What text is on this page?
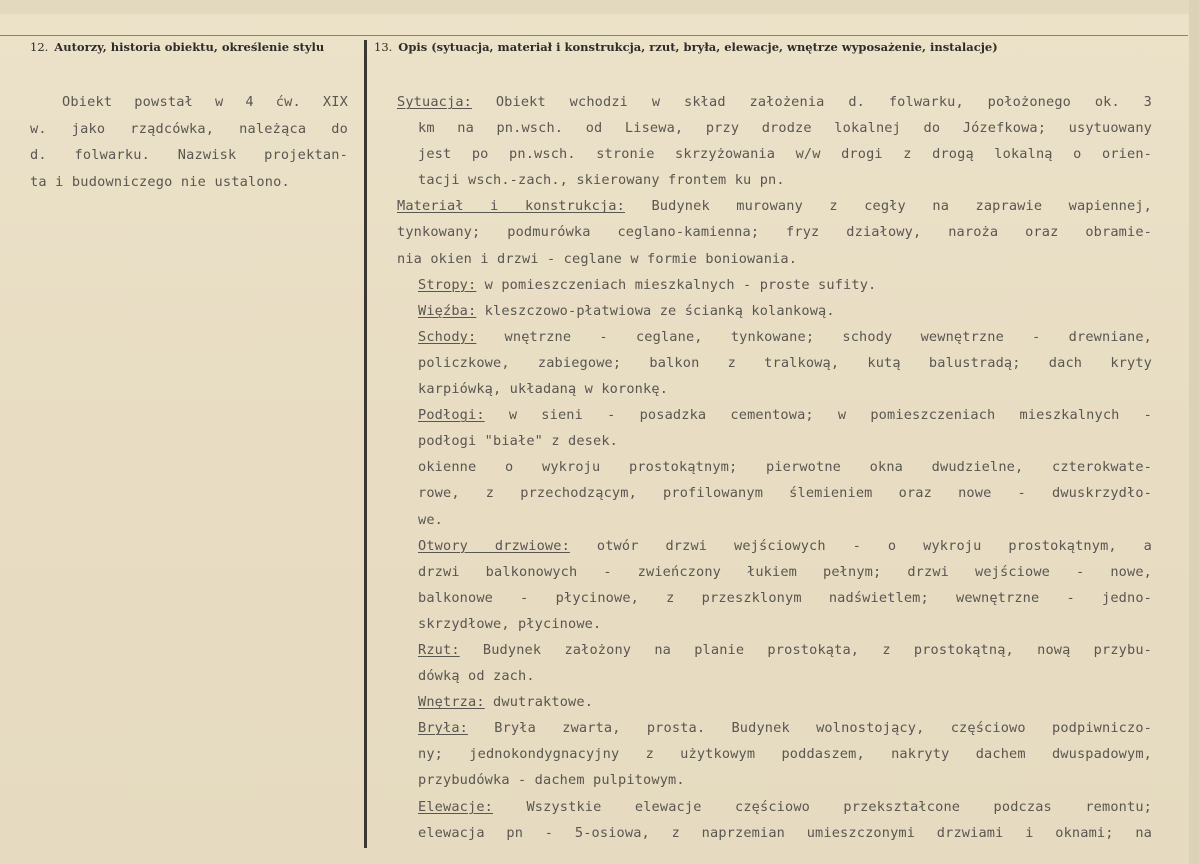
12. Autorzy, historia obiektu, określenie stylu	13. Opis (sytuacja, materiał i konstrukcja, rzut, bryła, elewacje, wnętrze wyposażenie, instalacje)
Obiekt powstał w 4 ćw. XIX
w. jako rządcówka, należąca do
d. folwarku. Nazwisk projektan-
ta i budowniczego nie ustalono.
Sytuacja: Obiekt wchodzi w skład założenia d. folwarku, położonego ok. 3
km na pn.wsch. od Lisewa, przy drodze lokalnej do Józefkowa; usytuowany
jest po pn.wsch. stronie skrzyżowania w/w drogi z drogą lokalną o orien-
tacji wsch.-zach., skierowany frontem ku pn.
Materiał i konstrukcja: Budynek murowany z cegły na zaprawie wapiennej,
tynkowany; podmurówka ceglano-kamienna; fryz działowy, naroża oraz obramie-
nia okien i drzwi - ceglane w formie boniowania.
Stropy: w pomieszczeniach mieszkalnych - proste sufity.
Więźba: kleszczowo-płatwiowa ze ścianką kolankową.
Schody: wnętrzne - ceglane, tynkowane; schody wewnętrzne - drewniane,
policzkowe, zabiegowe; balkon z tralkową, kutą balustradą; dach kryty
karpiówką, układaną w koronkę.
Podłogi: w sieni - posadzka cementowa; w pomieszczeniach mieszkalnych -
podłogi "białe" z desek.
okienne o wykroju prostokątnym; pierwotne okna dwudzielne, czterokwate-
rowe, z przechodzącym, profilowanym ślemieniem oraz nowe - dwuskrzydło-
we.
Otwory drzwiowe: otwór drzwi wejściowych - o wykroju prostokątnym, a
drzwi balkonowych - zwieńczony łukiem pełnym; drzwi wejściowe - nowe,
balkonowe - płycinowe, z przeszklonym nadświetlem; wewnętrzne - jedno-
skrzydłowe, płycinowe.
Rzut: Budynek założony na planie prostokąta, z prostokątną, nową przybu-
dówką od zach.
Wnętrza: dwutraktowe.
Bryła: Bryła zwarta, prosta. Budynek wolnostojący, częściowo podpiwniczo-
ny; jednokondygnacyjny z użytkowym poddaszem, nakryty dachem dwuspadowym,
przybudówka - dachem pulpitowym.
Elewacje: Wszystkie elewacje częściowo przekształcone podczas remontu;
elewacja pn - 5-osiowa, z naprzemian umieszczonymi drzwiami i oknami; na
